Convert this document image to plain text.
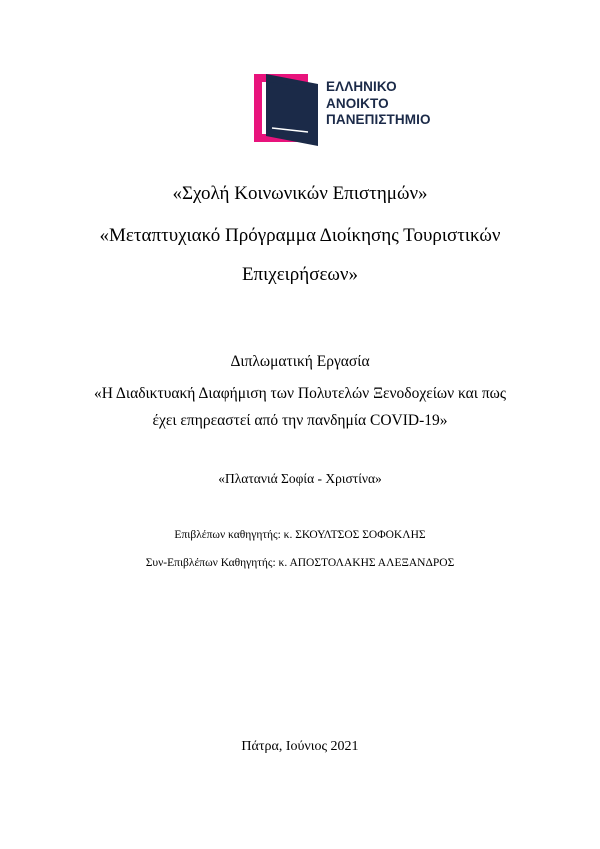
ΕΛΛΗΝΙΚΟ
ΑΝΟΙΚΤΟ
ΠΑΝΕΠΙΣΤΗΜΙΟ
«Σχολή Κοινωνικών Επιστημών»
«Μεταπτυχιακό Πρόγραμμα Διοίκησης Τουριστικών
Επιχειρήσεων»
Διπλωματική Εργασία
«Η Διαδικτυακή Διαφήμιση των Πολυτελών Ξενοδοχείων και πως
έχει επηρεαστεί από την πανδημία COVID-19»
«Πλατανιά Σοφία - Χριστίνα»
Επιβλέπων καθηγητής: κ. ΣΚΟΥΛΤΣΟΣ ΣΟΦΟΚΛΗΣ
Συν-Επιβλέπων Καθηγητής: κ. ΑΠΟΣΤΟΛΑΚΗΣ ΑΛΕΞΑΝΔΡΟΣ
Πάτρα, Ιούνιος 2021
